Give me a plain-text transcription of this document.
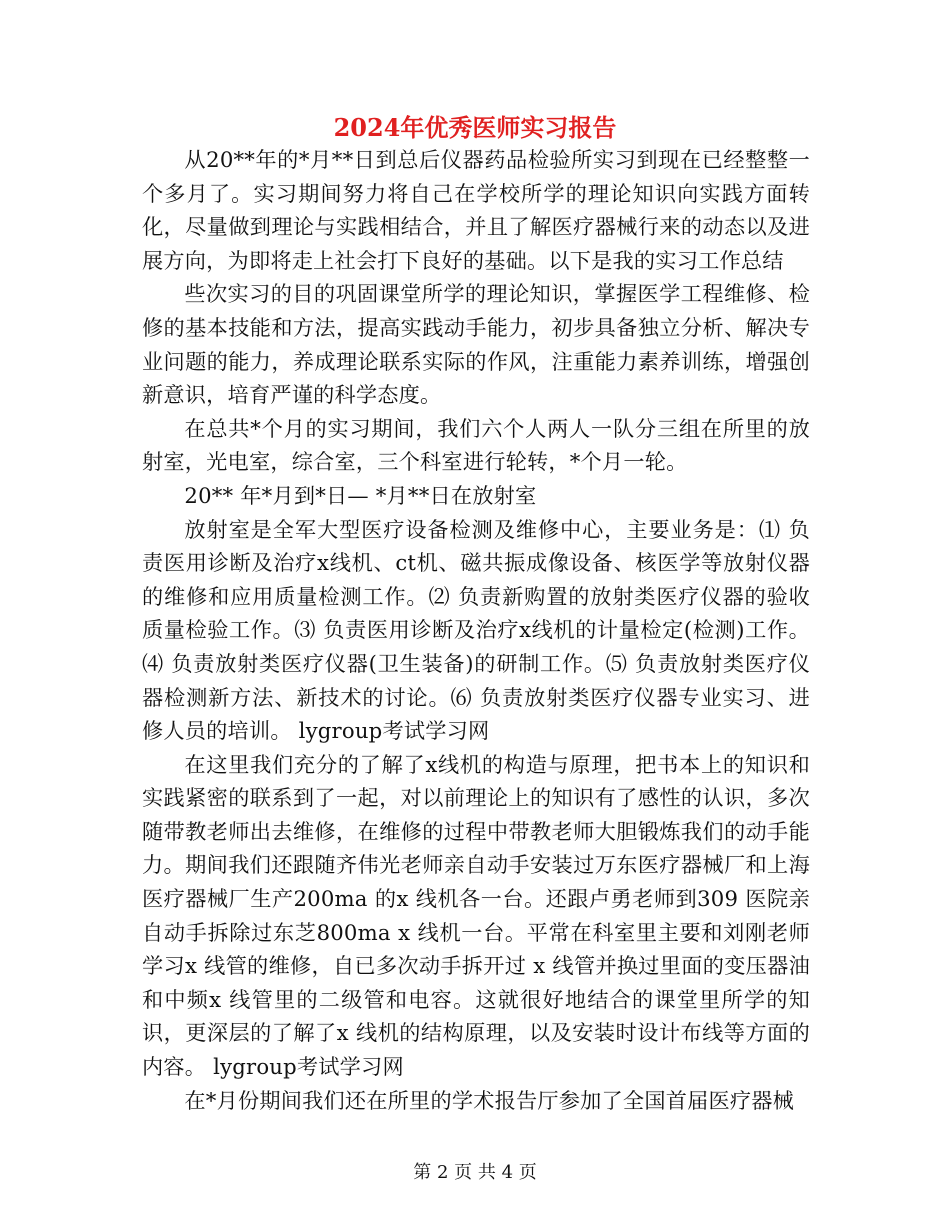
2024年优秀医师实习报告

从20**年的*月**日到总后仪器药品检验所实习到现在已经整整一个多月了。实习期间努力将自己在学校所学的理论知识向实践方面转化，尽量做到理论与实践相结合，并且了解医疗器械行来的动态以及进展方向，为即将走上社会打下良好的基础。以下是我的实习工作总结

些次实习的目的巩固课堂所学的理论知识，掌握医学工程维修、检修的基本技能和方法，提高实践动手能力，初步具备独立分析、解决专业问题的能力，养成理论联系实际的作风，注重能力素养训练，增强创新意识，培育严谨的科学态度。

在总共*个月的实习期间，我们六个人两人一队分三组在所里的放射室，光电室，综合室，三个科室进行轮转，*个月一轮。

20** 年*月到*日— *月**日在放射室

放射室是全军大型医疗设备检测及维修中心，主要业务是：⑴ 负责医用诊断及治疗x线机、ct机、磁共振成像设备、核医学等放射仪器的维修和应用质量检测工作。⑵ 负责新购置的放射类医疗仪器的验收质量检验工作。⑶ 负责医用诊断及治疗x线机的计量检定(检测)工作。⑷ 负责放射类医疗仪器(卫生装备)的研制工作。⑸ 负责放射类医疗仪器检测新方法、新技术的讨论。⑹ 负责放射类医疗仪器专业实习、进修人员的培训。 lygroup考试学习网

在这里我们充分的了解了x线机的构造与原理，把书本上的知识和实践紧密的联系到了一起，对以前理论上的知识有了感性的认识，多次随带教老师出去维修，在维修的过程中带教老师大胆锻炼我们的动手能力。期间我们还跟随齐伟光老师亲自动手安装过万东医疗器械厂和上海医疗器械厂生产200ma 的x 线机各一台。还跟卢勇老师到309 医院亲自动手拆除过东芝800ma x 线机一台。平常在科室里主要和刘刚老师学习x 线管的维修，自已多次动手拆开过 x 线管并换过里面的变压器油和中频x 线管里的二级管和电容。这就很好地结合的课堂里所学的知识，更深层的了解了x 线机的结构原理，以及安装时设计布线等方面的内容。 lygroup考试学习网

在*月份期间我们还在所里的学术报告厅参加了全国首届医疗器械

第 2 页 共 4 页
